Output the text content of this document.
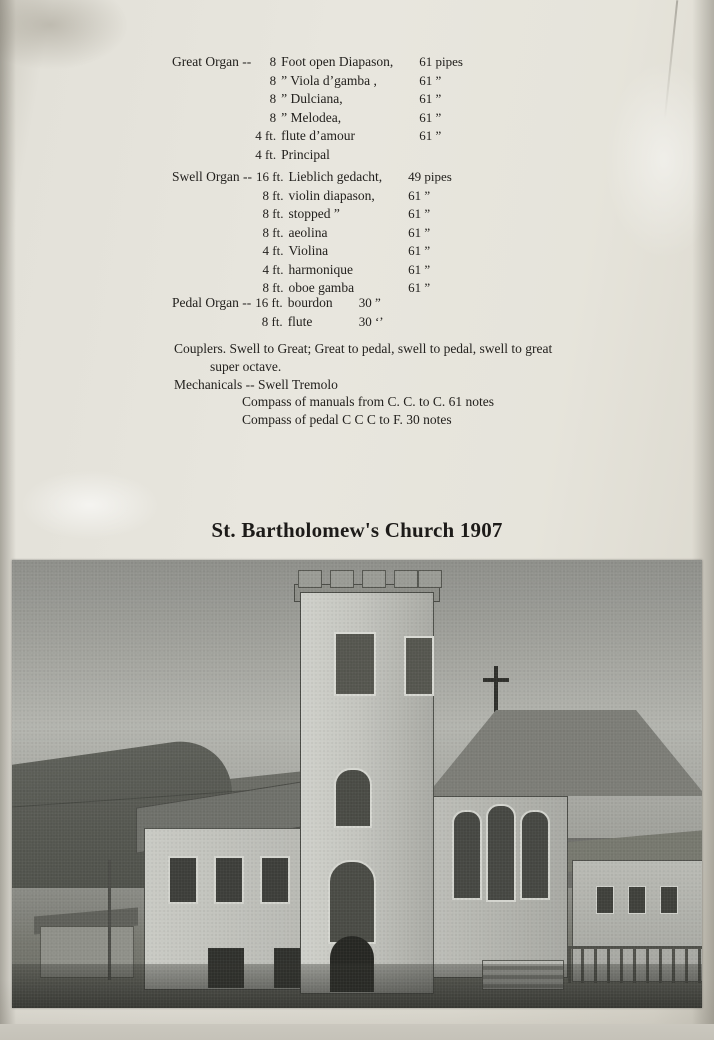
Great Organ --	8	Foot open Diapason,	61 pipes
	8	” Viola d’gamba ,	61 ”
	8	” Dulciana,	61 ”
	8	” Melodea,	61 ”
	4 ft.	flute d’amour	61 ”
	4 ft.	Principal	
Swell Organ --	16 ft.	Lieblich gedacht,	49 pipes
	8 ft.	violin diapason,	61 ”
	8 ft.	stopped ”	61 ”
	8 ft.	aeolina	61 ”
	4 ft.	Violina	61 ”
	4 ft.	harmonique	61 ”
	8 ft.	oboe gamba	61 ”
Pedal Organ --	16 ft.	bourdon	30 ”
	8 ft.	flute	30 ‘’
Couplers. Swell to Great; Great to pedal, swell to pedal, swell to great
super octave.
Mechanicals -- Swell Tremolo
Compass of manuals from C. C. to C. 61 notes
Compass of pedal C C C to F. 30 notes
St. Bartholomew's Church 1907
